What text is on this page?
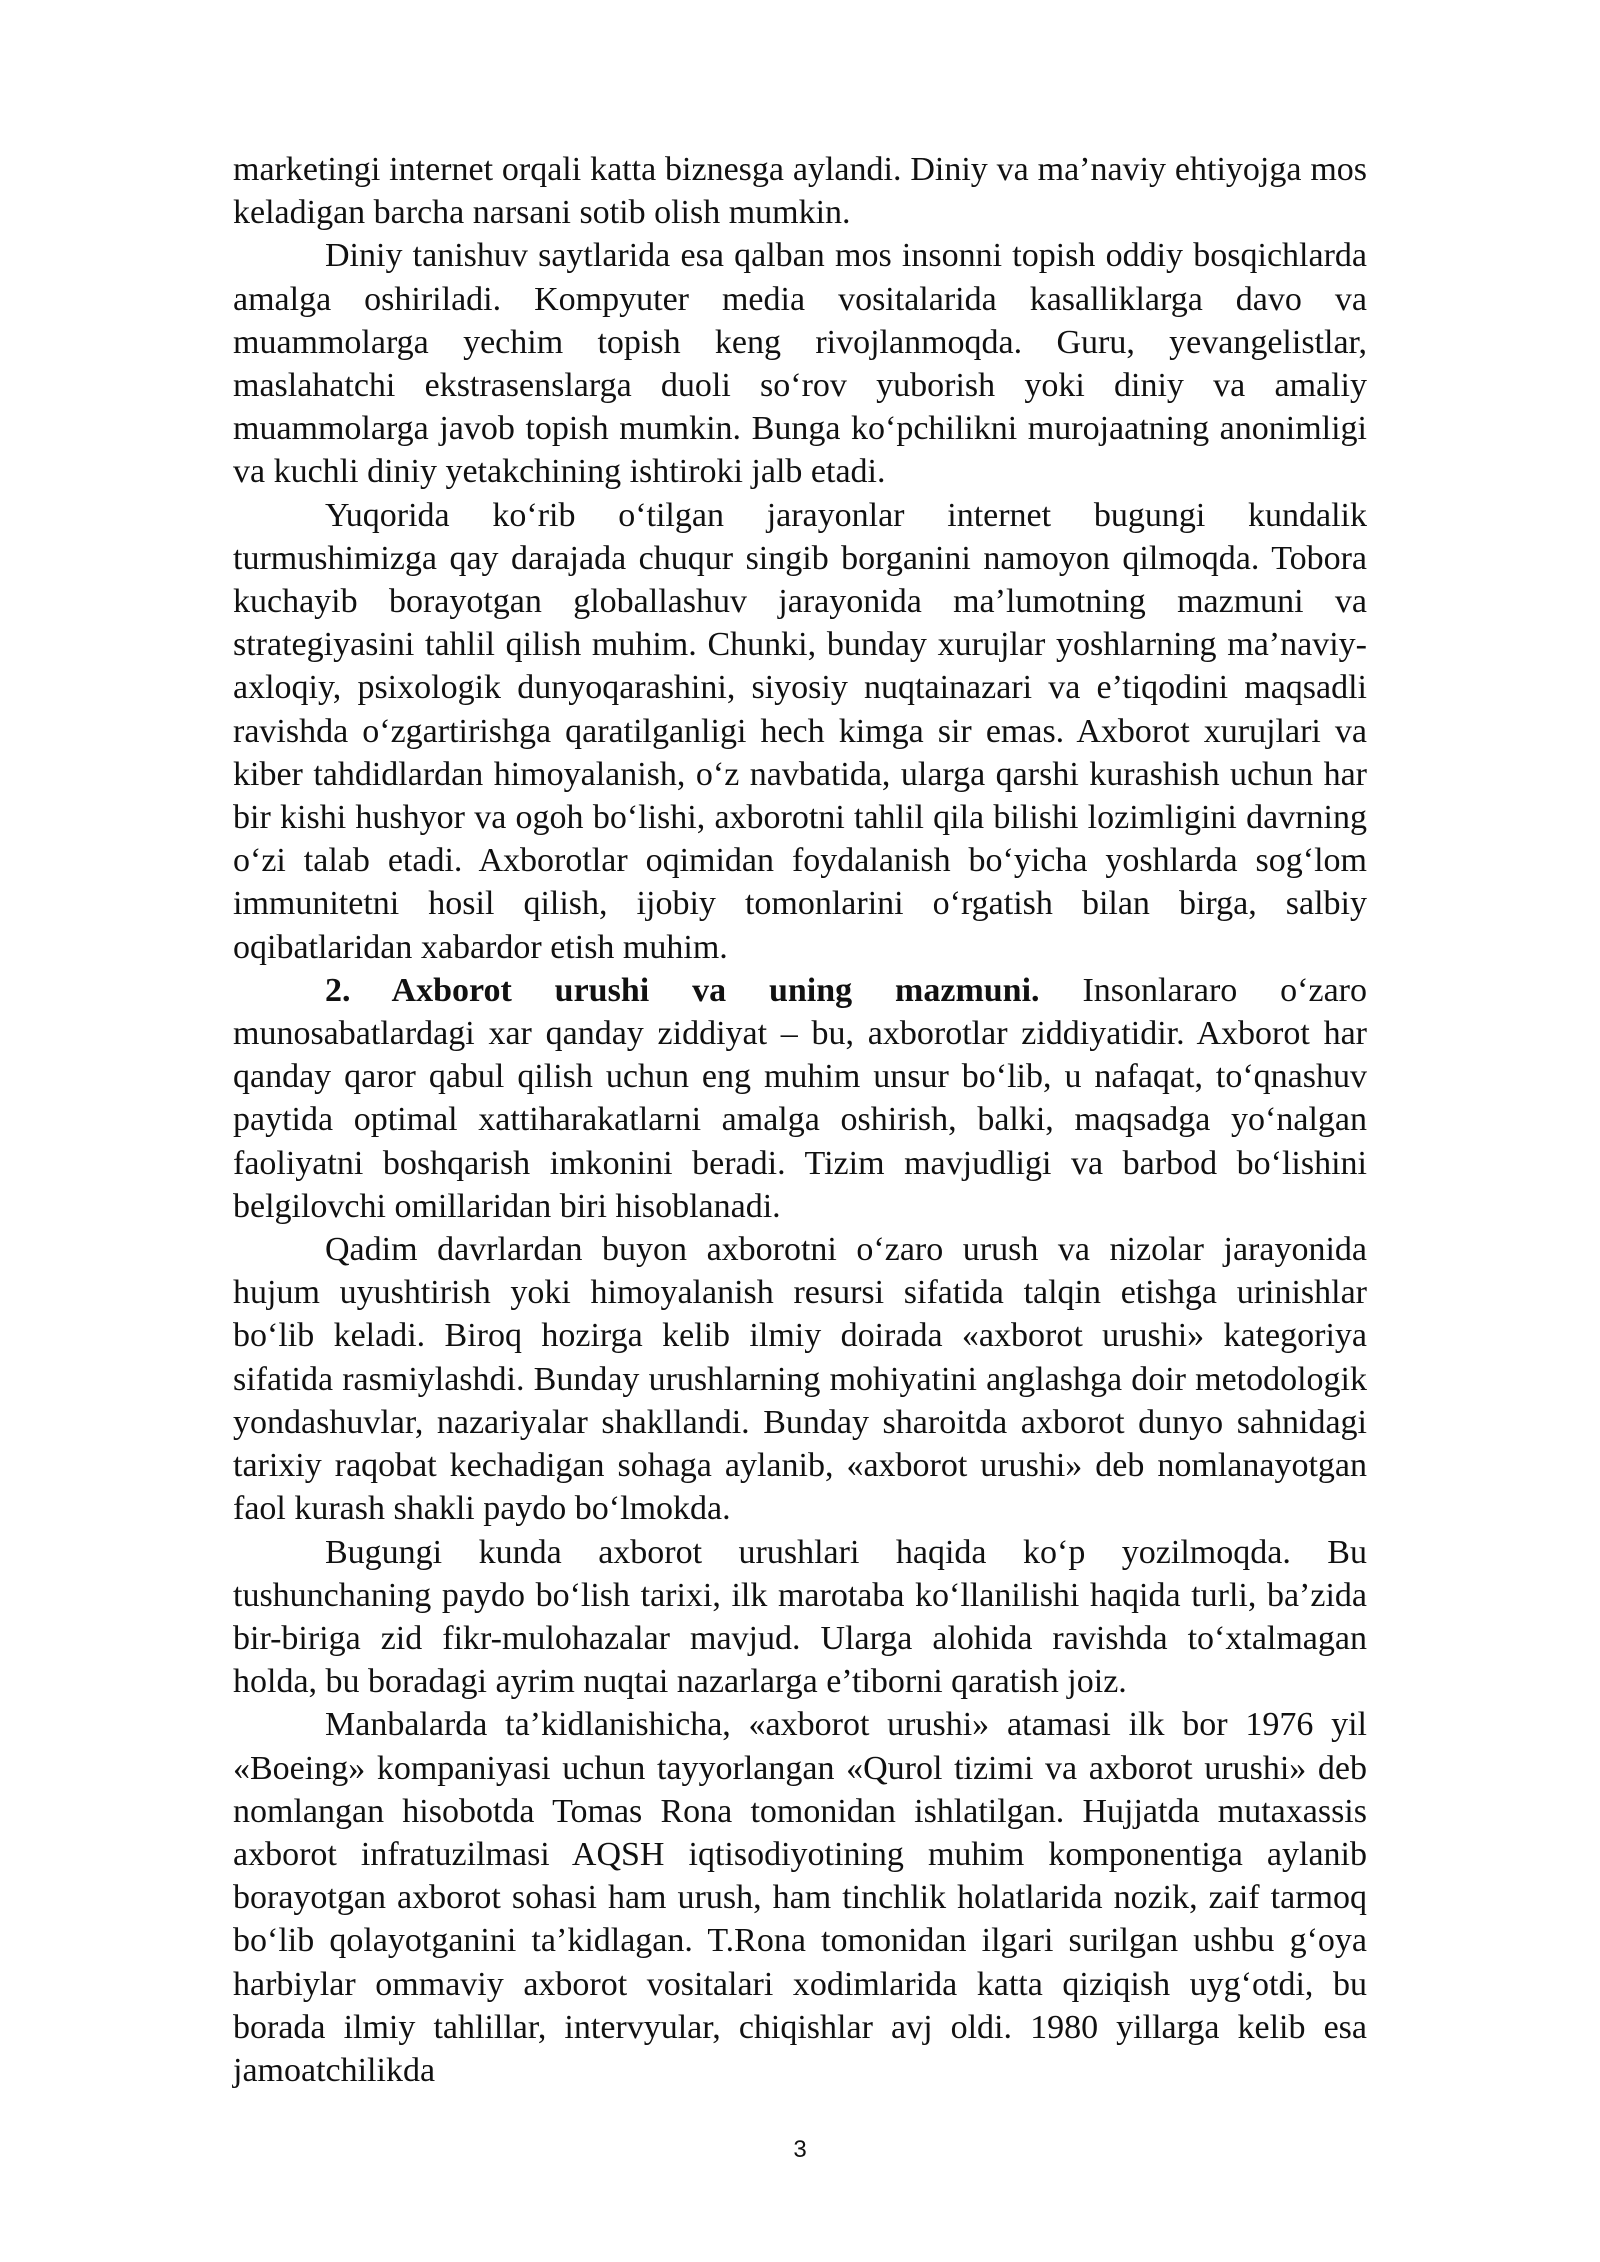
marketingi internet orqali katta biznesga aylandi. Diniy va ma’naviy ehtiyojga mos keladigan barcha narsani sotib olish mumkin.

Diniy tanishuv saytlarida esa qalban mos insonni topish oddiy bosqichlarda amalga oshiriladi. Kompyuter media vositalarida kasalliklarga davo va muammolarga yechim topish keng rivojlanmoqda. Guru, yevangelistlar, maslahatchi ekstrasenslarga duoli so‘rov yuborish yoki diniy va amaliy muammolarga javob topish mumkin. Bunga ko‘pchilikni murojaatning anonimligi va kuchli diniy yetakchining ishtiroki jalb etadi.

Yuqorida ko‘rib o‘tilgan jarayonlar internet bugungi kundalik turmushimizga qay darajada chuqur singib borganini namoyon qilmoqda. Tobora kuchayib borayotgan globallashuv jarayonida ma’lumotning mazmuni va strategiyasini tahlil qilish muhim. Chunki, bunday xurujlar yoshlarning ma’naviy-axloqiy, psixologik dunyoqarashini, siyosiy nuqtainazari va e’tiqodini maqsadli ravishda o‘zgartirishga qaratilganligi hech kimga sir emas. Axborot xurujlari va kiber tahdidlardan himoyalanish, o‘z navbatida, ularga qarshi kurashish uchun har bir kishi hushyor va ogoh bo‘lishi, axborotni tahlil qila bilishi lozimligini davrning o‘zi talab etadi. Axborotlar oqimidan foydalanish bo‘yicha yoshlarda sog‘lom immunitetni hosil qilish, ijobiy tomonlarini o‘rgatish bilan birga, salbiy oqibatlaridan xabardor etish muhim.

2. Axborot urushi va uning mazmuni. Insonlararo o‘zaro munosabatlardagi xar qanday ziddiyat – bu, axborotlar ziddiyatidir. Axborot har qanday qaror qabul qilish uchun eng muhim unsur bo‘lib, u nafaqat, to‘qnashuv paytida optimal xattiharakatlarni amalga oshirish, balki, maqsadga yo‘nalgan faoliyatni boshqarish imkonini beradi. Tizim mavjudligi va barbod bo‘lishini belgilovchi omillaridan biri hisoblanadi.

Qadim davrlardan buyon axborotni o‘zaro urush va nizolar jarayonida hujum uyushtirish yoki himoyalanish resursi sifatida talqin etishga urinishlar bo‘lib keladi. Biroq hozirga kelib ilmiy doirada «axborot urushi» kategoriya sifatida rasmiylashdi. Bunday urushlarning mohiyatini anglashga doir metodologik yondashuvlar, nazariyalar shakllandi. Bunday sharoitda axborot dunyo sahnidagi tarixiy raqobat kechadigan sohaga aylanib, «axborot urushi» deb nomlanayotgan faol kurash shakli paydo bo‘lmokda.

Bugungi kunda axborot urushlari haqida ko‘p yozilmoqda. Bu tushunchaning paydo bo‘lish tarixi, ilk marotaba ko‘llanilishi haqida turli, ba’zida bir-biriga zid fikr-mulohazalar mavjud. Ularga alohida ravishda to‘xtalmagan holda, bu boradagi ayrim nuqtai nazarlarga e’tiborni qaratish joiz.

Manbalarda ta’kidlanishicha, «axborot urushi» atamasi ilk bor 1976 yil «Boeing» kompaniyasi uchun tayyorlangan «Qurol tizimi va axborot urushi» deb nomlangan hisobotda Tomas Rona tomonidan ishlatilgan. Hujjatda mutaxassis axborot infratuzilmasi AQSH iqtisodiyotining muhim komponentiga aylanib borayotgan axborot sohasi ham urush, ham tinchlik holatlarida nozik, zaif tarmoq bo‘lib qolayotganini ta’kidlagan. T.Rona tomonidan ilgari surilgan ushbu g‘oya harbiylar ommaviy axborot vositalari xodimlarida katta qiziqish uyg‘otdi, bu borada ilmiy tahlillar, intervyular, chiqishlar avj oldi. 1980 yillarga kelib esa jamoatchilikda

3
